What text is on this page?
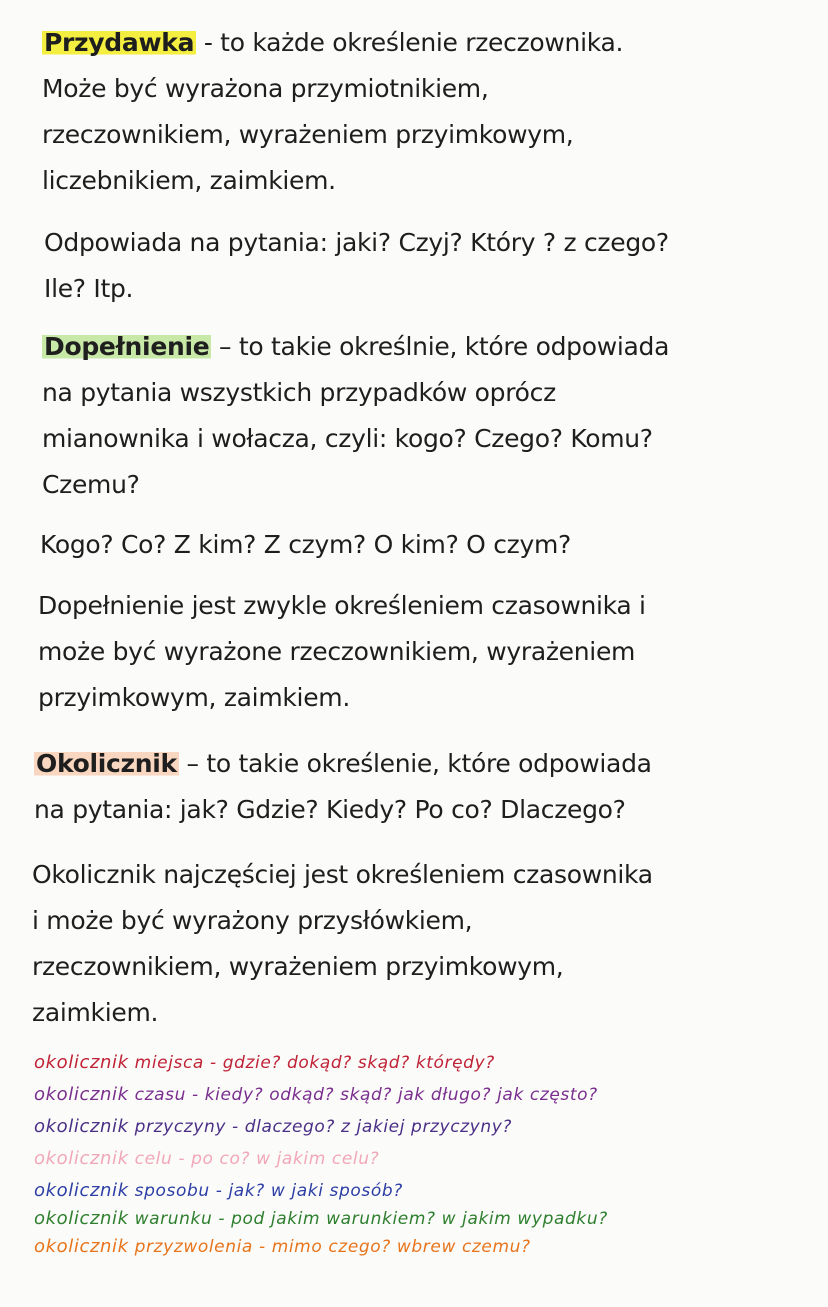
Przydawka - to każde określenie rzeczownika.
Może być wyrażona przymiotnikiem,
rzeczownikiem, wyrażeniem przyimkowym,
liczebnikiem, zaimkiem.

Odpowiada na pytania: jaki? Czyj? Który ? z czego?
Ile? Itp.

Dopełnienie – to takie określnie, które odpowiada
na pytania wszystkich przypadków oprócz
mianownika i wołacza, czyli: kogo? Czego? Komu?
Czemu?

Kogo? Co? Z kim? Z czym? O kim? O czym?

Dopełnienie jest zwykle określeniem czasownika i
może być wyrażone rzeczownikiem, wyrażeniem
przyimkowym, zaimkiem.

Okolicznik – to takie określenie, które odpowiada
na pytania: jak? Gdzie? Kiedy? Po co? Dlaczego?

Okolicznik najczęściej jest określeniem czasownika
i może być wyrażony przysłówkiem,
rzeczownikiem, wyrażeniem przyimkowym,
zaimkiem.

okolicznik miejsca - gdzie? dokąd? skąd? którędy?
okolicznik czasu - kiedy? odkąd? skąd? jak długo? jak często?
okolicznik przyczyny - dlaczego? z jakiej przyczyny?
okolicznik celu - po co? w jakim celu?
okolicznik sposobu - jak? w jaki sposób?
okolicznik warunku - pod jakim warunkiem? w jakim wypadku?
okolicznik przyzwolenia - mimo czego? wbrew czemu?
